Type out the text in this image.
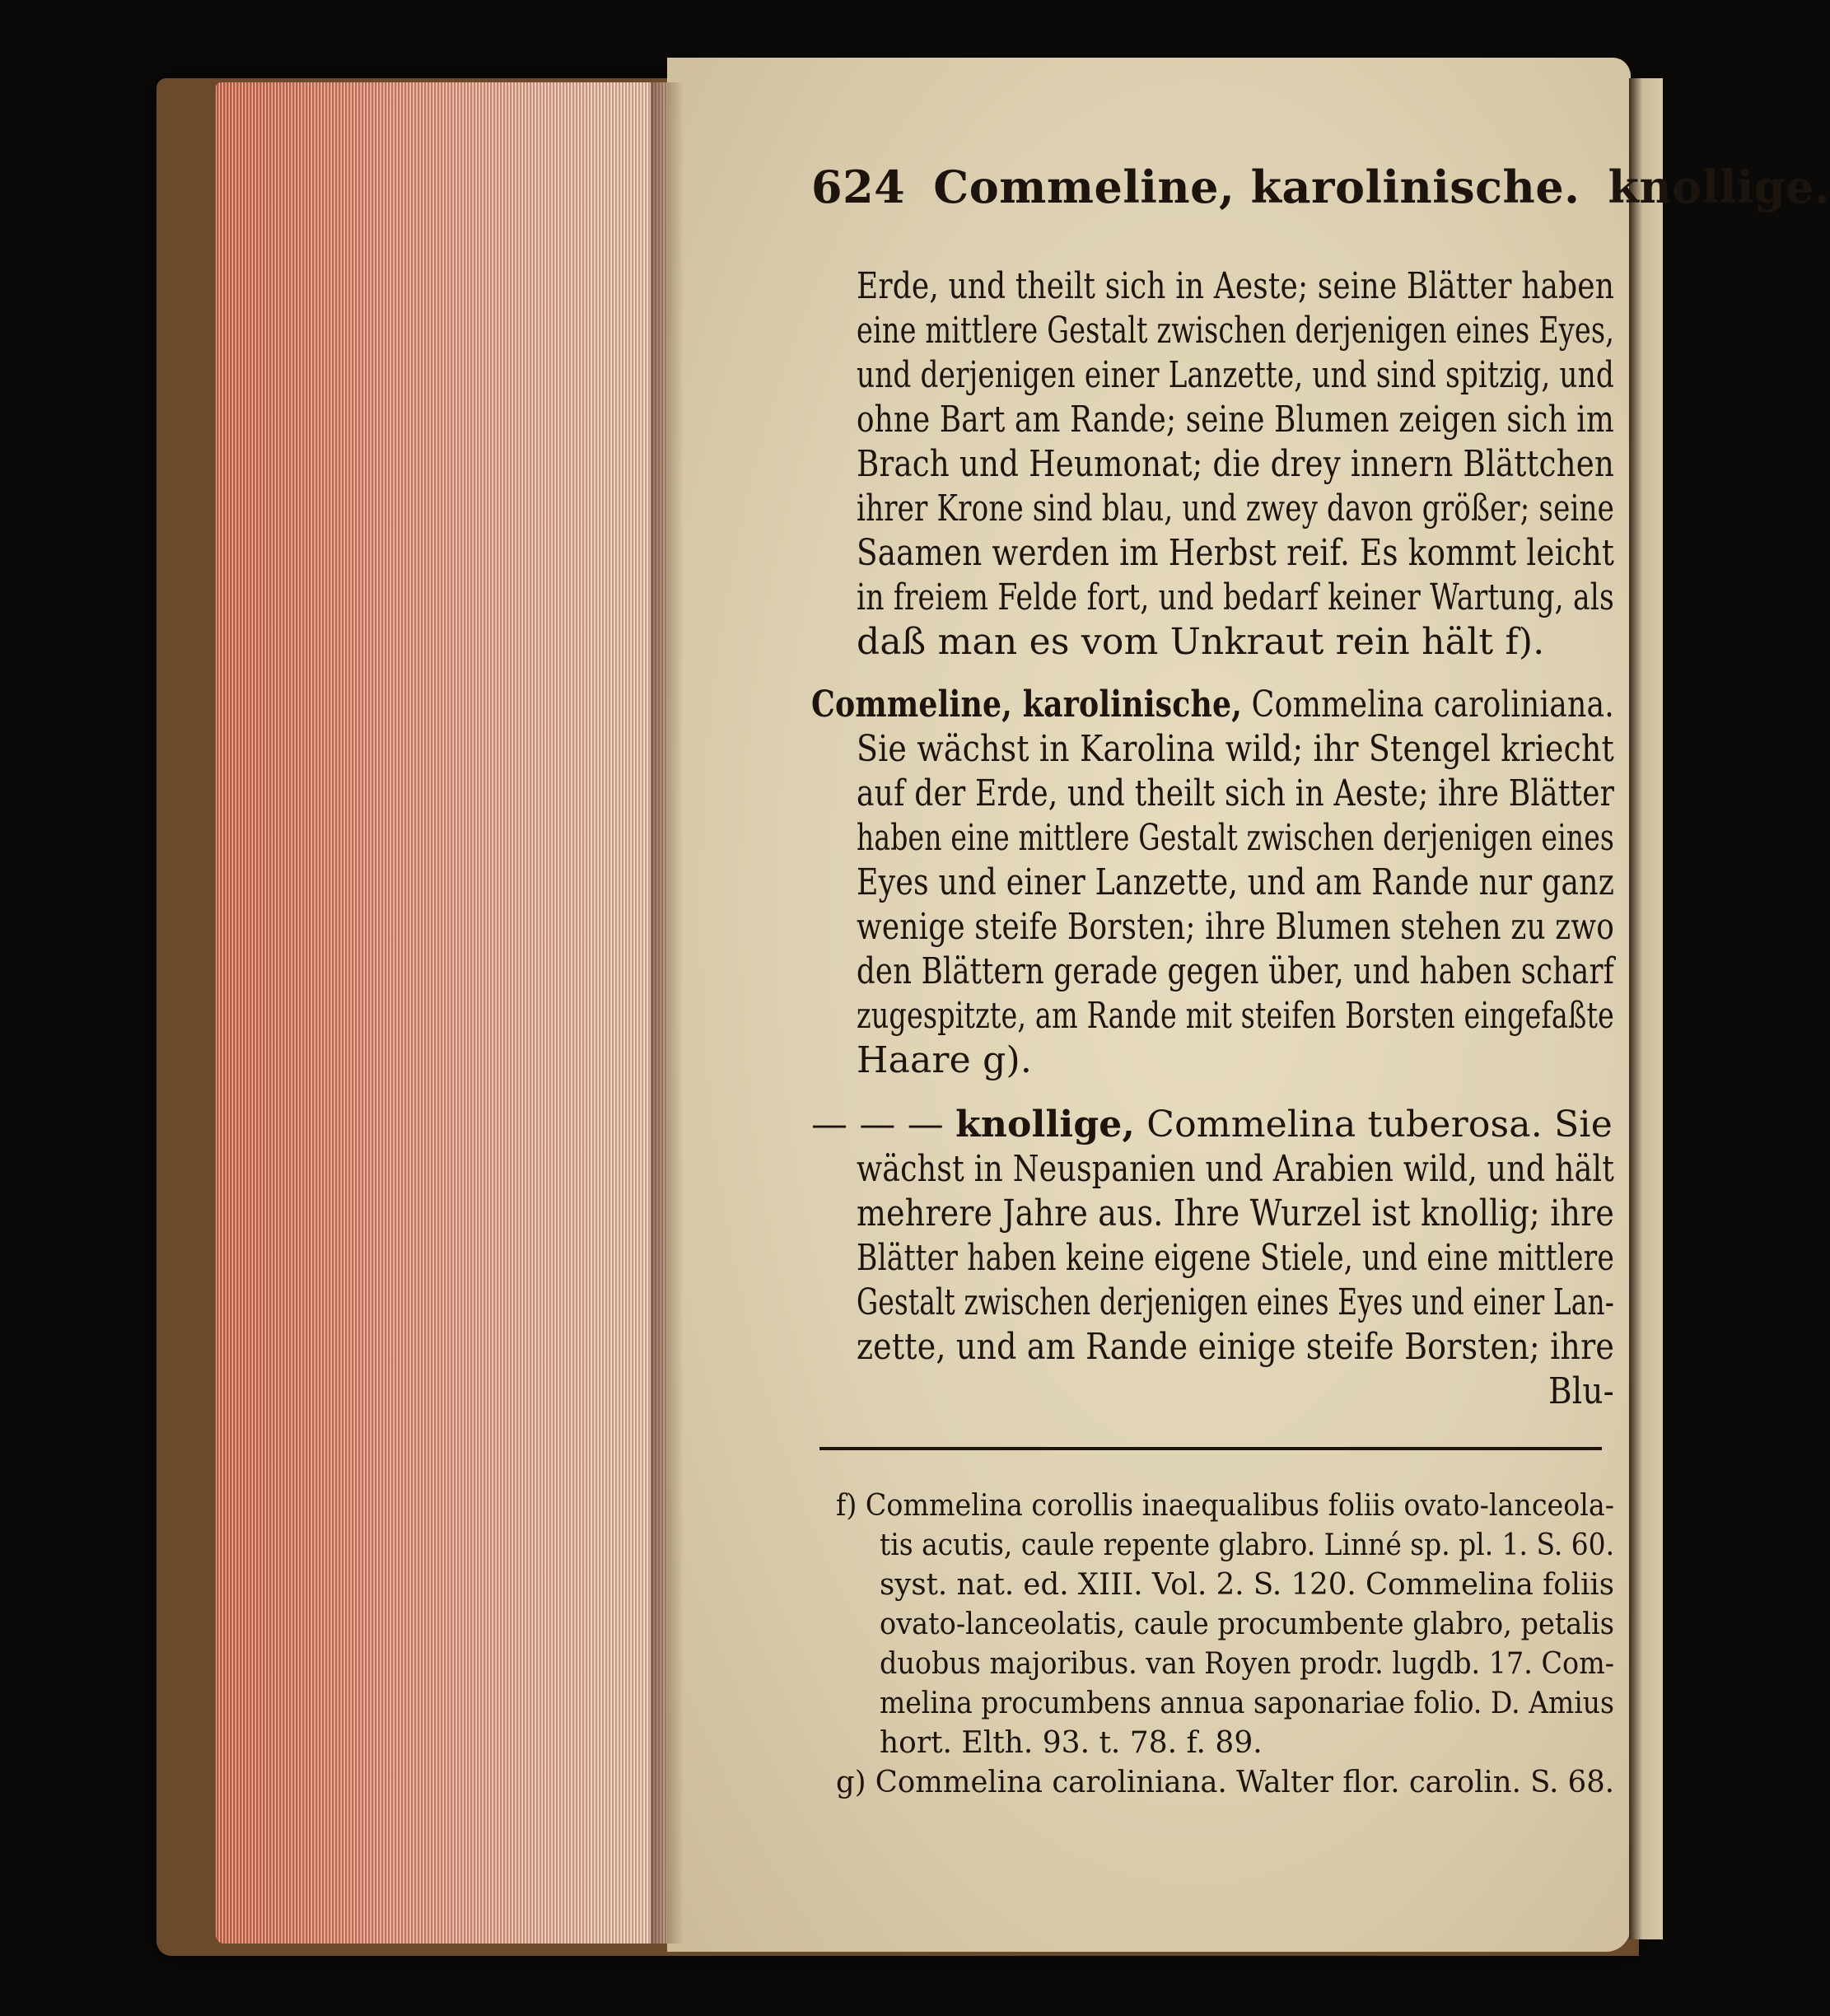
624 Commeline, karolinische. knollige.
Erde, und theilt sich in Aeste; seine Blätter haben
eine mittlere Gestalt zwischen derjenigen eines Eyes,
und derjenigen einer Lanzette, und sind spitzig, und
ohne Bart am Rande; seine Blumen zeigen sich im
Brach und Heumonat; die drey innern Blättchen
ihrer Krone sind blau, und zwey davon größer; seine
Saamen werden im Herbst reif. Es kommt leicht
in freiem Felde fort, und bedarf keiner Wartung, als
daß man es vom Unkraut rein hält f).
Commeline, karolinische, Commelina caroliniana.
Sie wächst in Karolina wild; ihr Stengel kriecht
auf der Erde, und theilt sich in Aeste; ihre Blätter
haben eine mittlere Gestalt zwischen derjenigen eines
Eyes und einer Lanzette, und am Rande nur ganz
wenige steife Borsten; ihre Blumen stehen zu zwo
den Blättern gerade gegen über, und haben scharf
zugespitzte, am Rande mit steifen Borsten eingefaßte
Haare g).
— — — knollige, Commelina tuberosa. Sie
wächst in Neuspanien und Arabien wild, und hält
mehrere Jahre aus. Ihre Wurzel ist knollig; ihre
Blätter haben keine eigene Stiele, und eine mittlere
Gestalt zwischen derjenigen eines Eyes und einer Lan-
zette, und am Rande einige steife Borsten; ihre
Blu-
f) Commelina corollis inaequalibus foliis ovato-lanceola-
tis acutis, caule repente glabro. Linné sp. pl. 1. S. 60.
syst. nat. ed. XIII. Vol. 2. S. 120. Commelina foliis
ovato-lanceolatis, caule procumbente glabro, petalis
duobus majoribus. van Royen prodr. lugdb. 17. Com-
melina procumbens annua saponariae folio. D. Amius
hort. Elth. 93. t. 78. f. 89.
g) Commelina caroliniana. Walter flor. carolin. S. 68.
